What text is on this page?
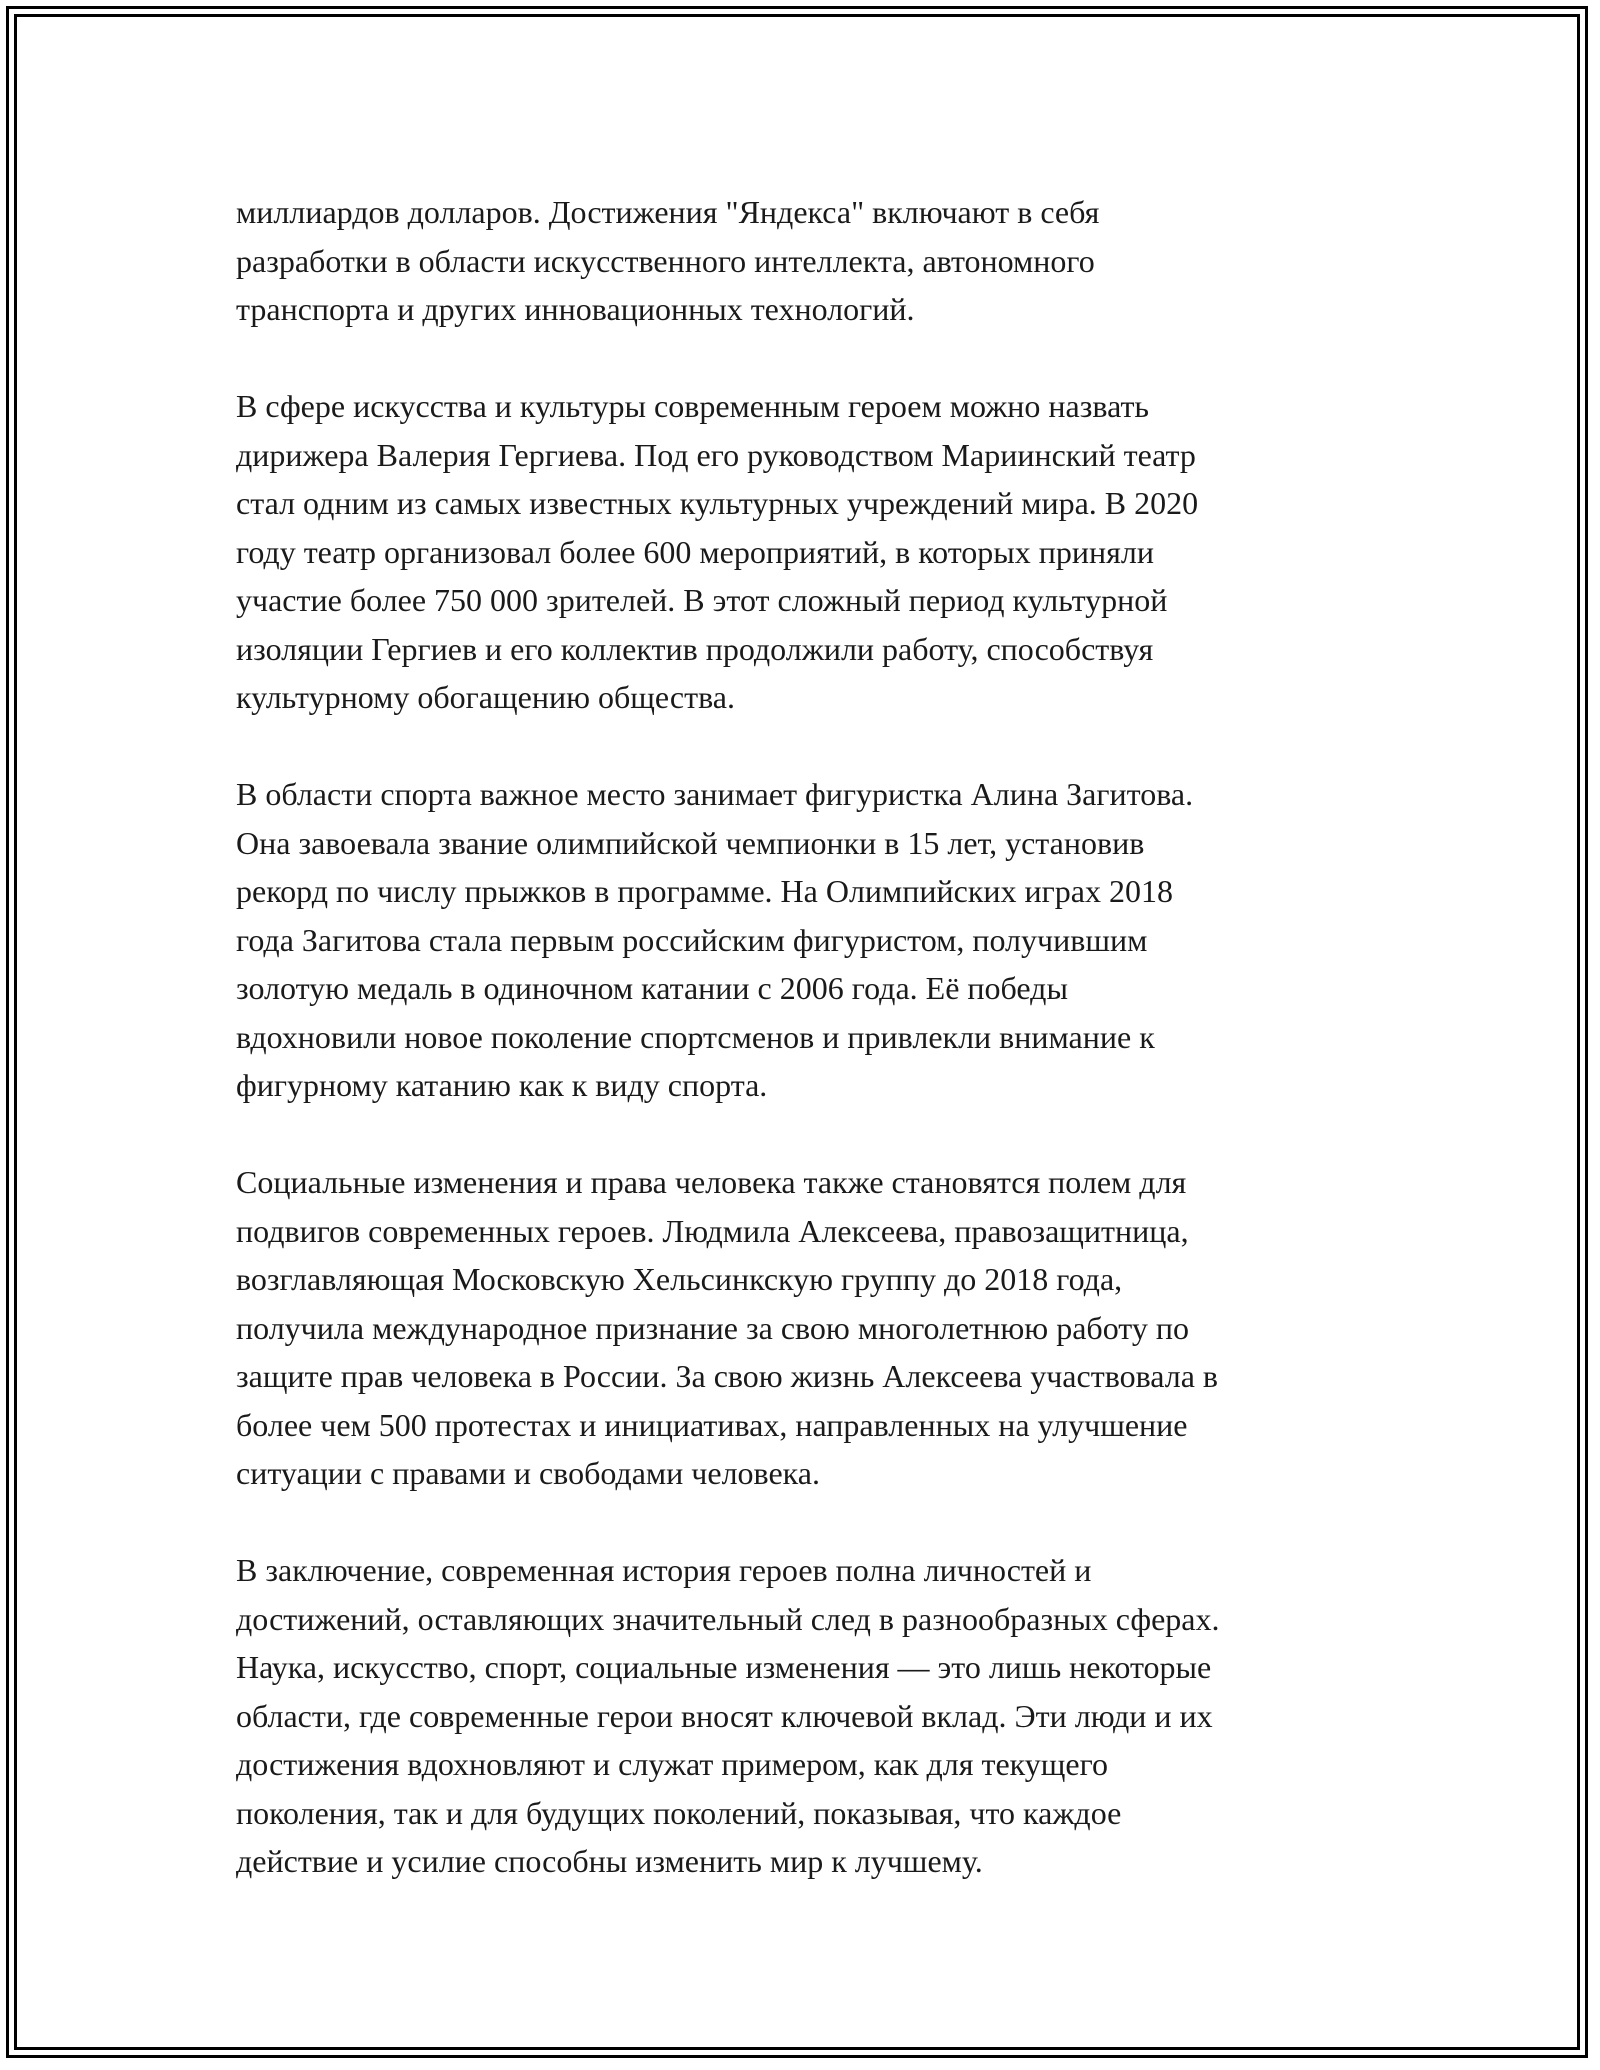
миллиардов долларов. Достижения "Яндекса" включают в себя
разработки в области искусственного интеллекта, автономного
транспорта и других инновационных технологий.

В сфере искусства и культуры современным героем можно назвать
дирижера Валерия Гергиева. Под его руководством Мариинский театр
стал одним из самых известных культурных учреждений мира. В 2020
году театр организовал более 600 мероприятий, в которых приняли
участие более 750 000 зрителей. В этот сложный период культурной
изоляции Гергиев и его коллектив продолжили работу, способствуя
культурному обогащению общества.

В области спорта важное место занимает фигуристка Алина Загитова.
Она завоевала звание олимпийской чемпионки в 15 лет, установив
рекорд по числу прыжков в программе. На Олимпийских играх 2018
года Загитова стала первым российским фигуристом, получившим
золотую медаль в одиночном катании с 2006 года. Её победы
вдохновили новое поколение спортсменов и привлекли внимание к
фигурному катанию как к виду спорта.

Социальные изменения и права человека также становятся полем для
подвигов современных героев. Людмила Алексеева, правозащитница,
возглавляющая Московскую Хельсинкскую группу до 2018 года,
получила международное признание за свою многолетнюю работу по
защите прав человека в России. За свою жизнь Алексеева участвовала в
более чем 500 протестах и инициативах, направленных на улучшение
ситуации с правами и свободами человека.

В заключение, современная история героев полна личностей и
достижений, оставляющих значительный след в разнообразных сферах.
Наука, искусство, спорт, социальные изменения — это лишь некоторые
области, где современные герои вносят ключевой вклад. Эти люди и их
достижения вдохновляют и служат примером, как для текущего
поколения, так и для будущих поколений, показывая, что каждое
действие и усилие способны изменить мир к лучшему.
